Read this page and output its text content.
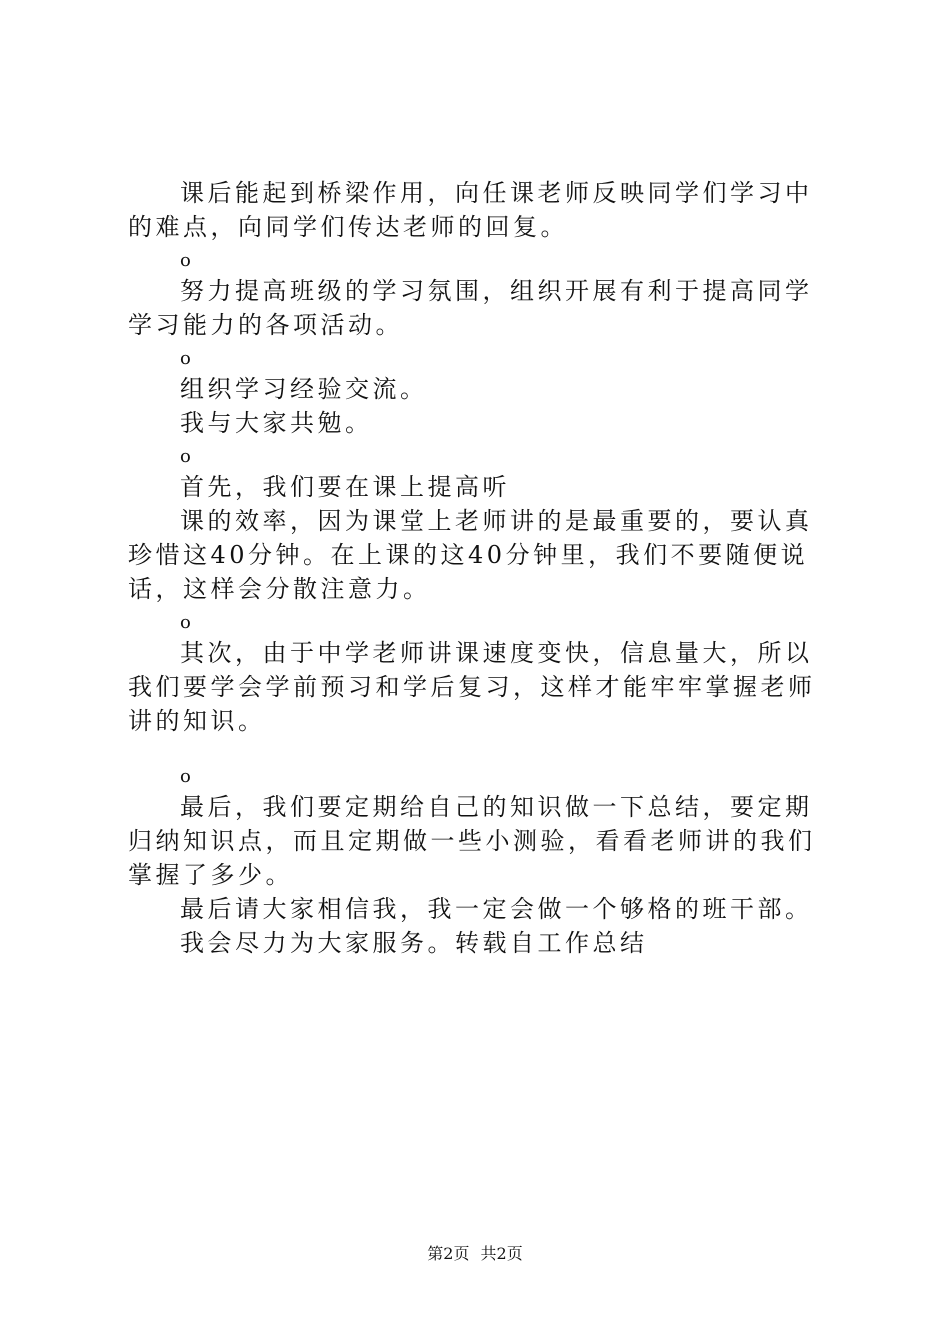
课后能起到桥梁作用，向任课老师反映同学们学习中的难点，向同学们传达老师的回复。

o

努力提高班级的学习氛围，组织开展有利于提高同学学习能力的各项活动。

o

组织学习经验交流。

我与大家共勉。

o

首先，我们要在课上提高听

课的效率，因为课堂上老师讲的是最重要的，要认真珍惜这40分钟。在上课的这40分钟里，我们不要随便说话，这样会分散注意力。

o

其次，由于中学老师讲课速度变快，信息量大，所以我们要学会学前预习和学后复习，这样才能牢牢掌握老师讲的知识。

o

最后，我们要定期给自己的知识做一下总结，要定期归纳知识点，而且定期做一些小测验，看看老师讲的我们掌握了多少。

最后请大家相信我，我一定会做一个够格的班干部。

我会尽力为大家服务。转载自工作总结

第2页 共2页
